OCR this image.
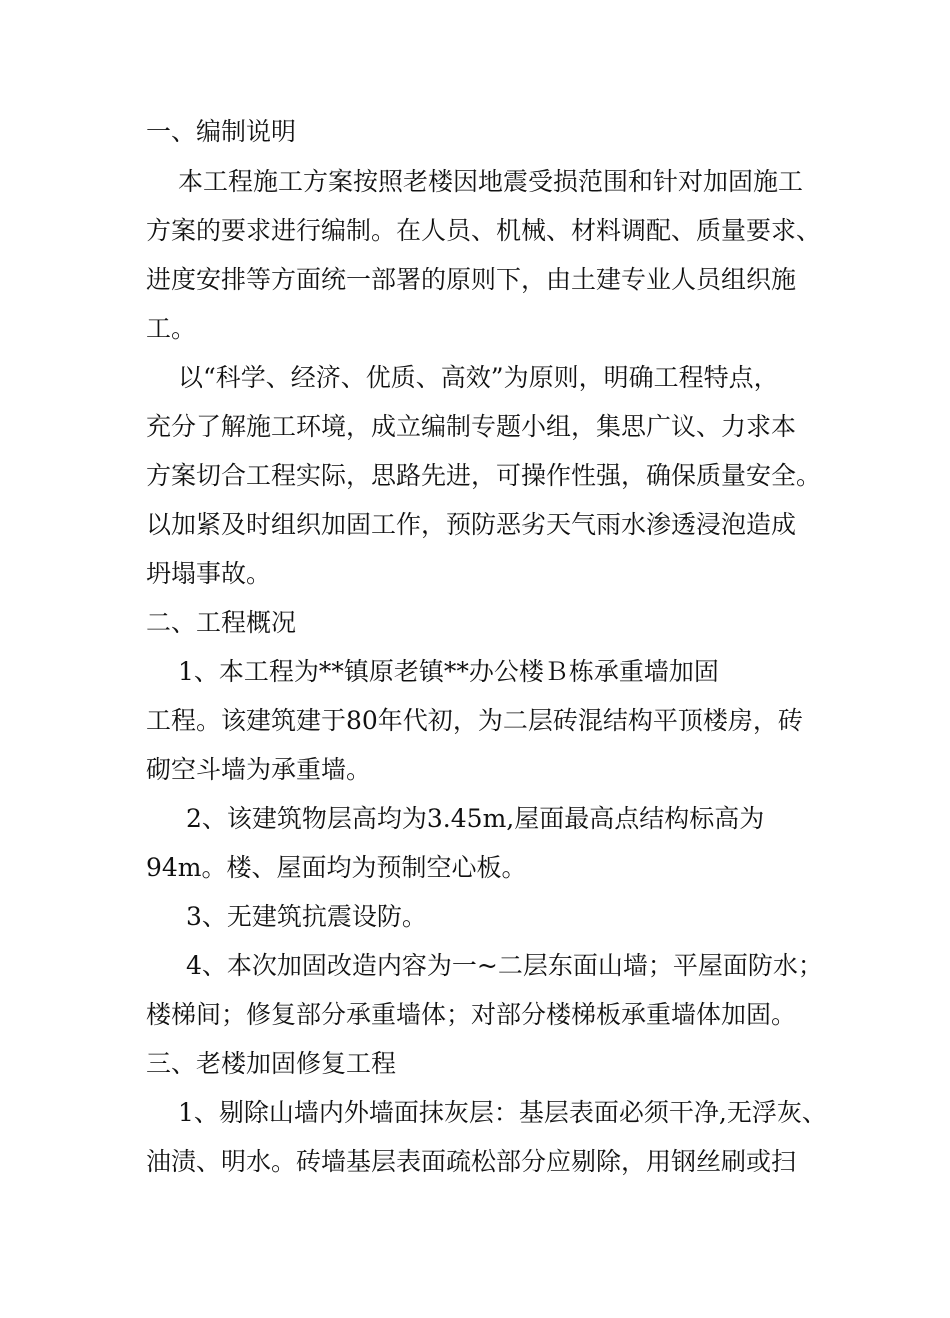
一、编制说明
本工程施工方案按照老楼因地震受损范围和针对加固施工
方案的要求进行编制。在人员、机械、材料调配、质量要求、
进度安排等方面统一部署的原则下，由土建专业人员组织施
工。
以“科学、经济、优质、高效”为原则，明确工程特点，
充分了解施工环境，成立编制专题小组，集思广议、力求本
方案切合工程实际，思路先进，可操作性强，确保质量安全。
以加紧及时组织加固工作，预防恶劣天气雨水渗透浸泡造成
坍塌事故。
二、工程概况
1、本工程为**镇原老镇**办公楼Ｂ栋承重墙加固
工程。该建筑建于80年代初，为二层砖混结构平顶楼房，砖
砌空斗墙为承重墙。
2、该建筑物层高均为3.45m,屋面最高点结构标高为
94m。楼、屋面均为预制空心板。
3、无建筑抗震设防。
4、本次加固改造内容为一~二层东面山墙；平屋面防水；
楼梯间；修复部分承重墙体；对部分楼梯板承重墙体加固。
三、老楼加固修复工程
1、剔除山墙内外墙面抹灰层：基层表面必须干净,无浮灰、
油渍、明水。砖墙基层表面疏松部分应剔除，用钢丝刷或扫
